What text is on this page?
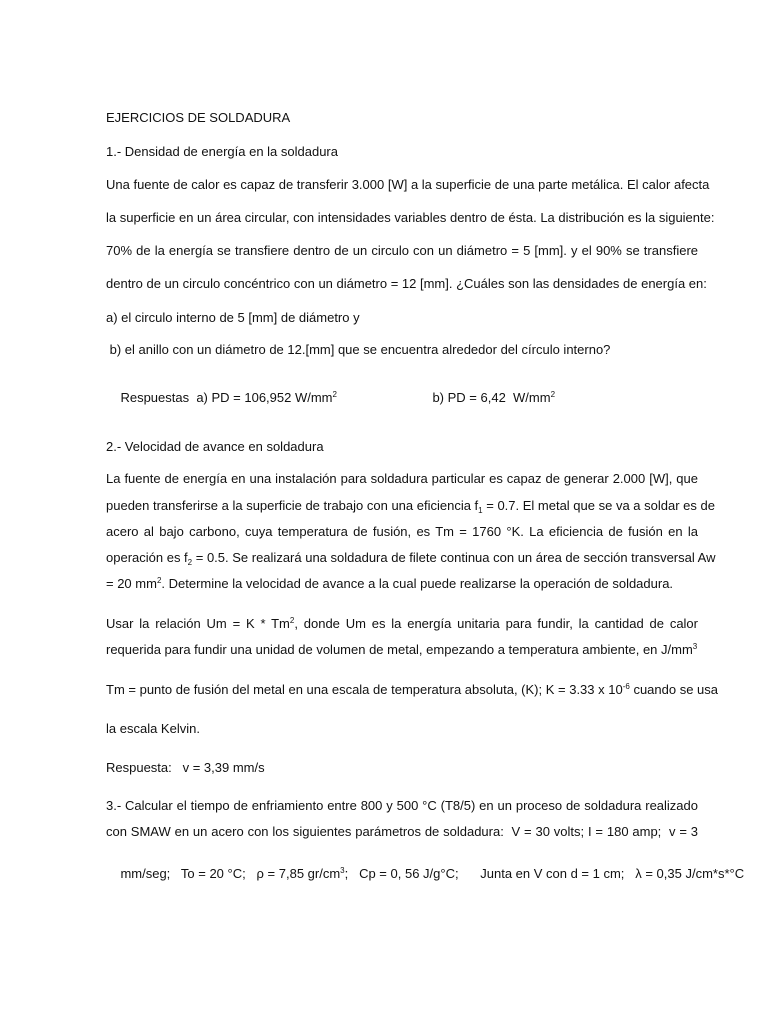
EJERCICIOS DE SOLDADURA
1.- Densidad de energía en la soldadura
Una fuente de calor es capaz de transferir 3.000 [W] a la superficie de una parte metálica. El calor afecta
la superficie en un área circular, con intensidades variables dentro de ésta. La distribución es la siguiente:
70% de la energía se transfiere dentro de un circulo con un diámetro = 5 [mm]. y el 90% se transfiere
dentro de un circulo concéntrico con un diámetro = 12 [mm]. ¿Cuáles son las densidades de energía en:
a) el circulo interno de 5 [mm] de diámetro y
b) el anillo con un diámetro de 12.[mm] que se encuentra alrededor del círculo interno?

Respuestas  a) PD = 106,952 $W/mm^2$
	b) PD = 6,42  $W/mm^2$

2.- Velocidad de avance en soldadura
La fuente de energía en una instalación para soldadura particular es capaz de generar 2.000 [W], que
pueden transferirse a la superficie de trabajo con una eficiencia $f_1 = 0.7$. El metal que se va a soldar es de
acero al bajo carbono, cuya temperatura de fusión, es Tm = 1760 °K. La eficiencia de fusión en la
operación es $f_2 = 0.5$. Se realizará una soldadura de filete continua con un área de sección transversal Aw
= 20 $mm^2$. Determine la velocidad de avance a la cual puede realizarse la operación de soldadura.
Usar la relación Um = K * Tm$^2$, donde Um es la energía unitaria para fundir, la cantidad de calor
requerida para fundir una unidad de volumen de metal, empezando a temperatura ambiente, en $J/mm^3$
Tm = punto de fusión del metal en una escala de temperatura absoluta, (K); K = 3.33 x $10^{-6}$ cuando se usa
la escala Kelvin.
Respuesta:   v = 3,39 mm/s
3.- Calcular el tiempo de enfriamiento entre 800 y 500 °C (T8/5) en un proceso de soldadura realizado
con SMAW en un acero con los siguientes parámetros de soldadura:  V = 30 volts; I = 180 amp;  v = 3

mm/seg;   To = 20 °C;   ρ = 7,85 $gr/cm^3$;   Cp = 0, 56 J/g°C;      Junta en V con d = 1 cm;   λ = 0,35 J/cm*s*°C
